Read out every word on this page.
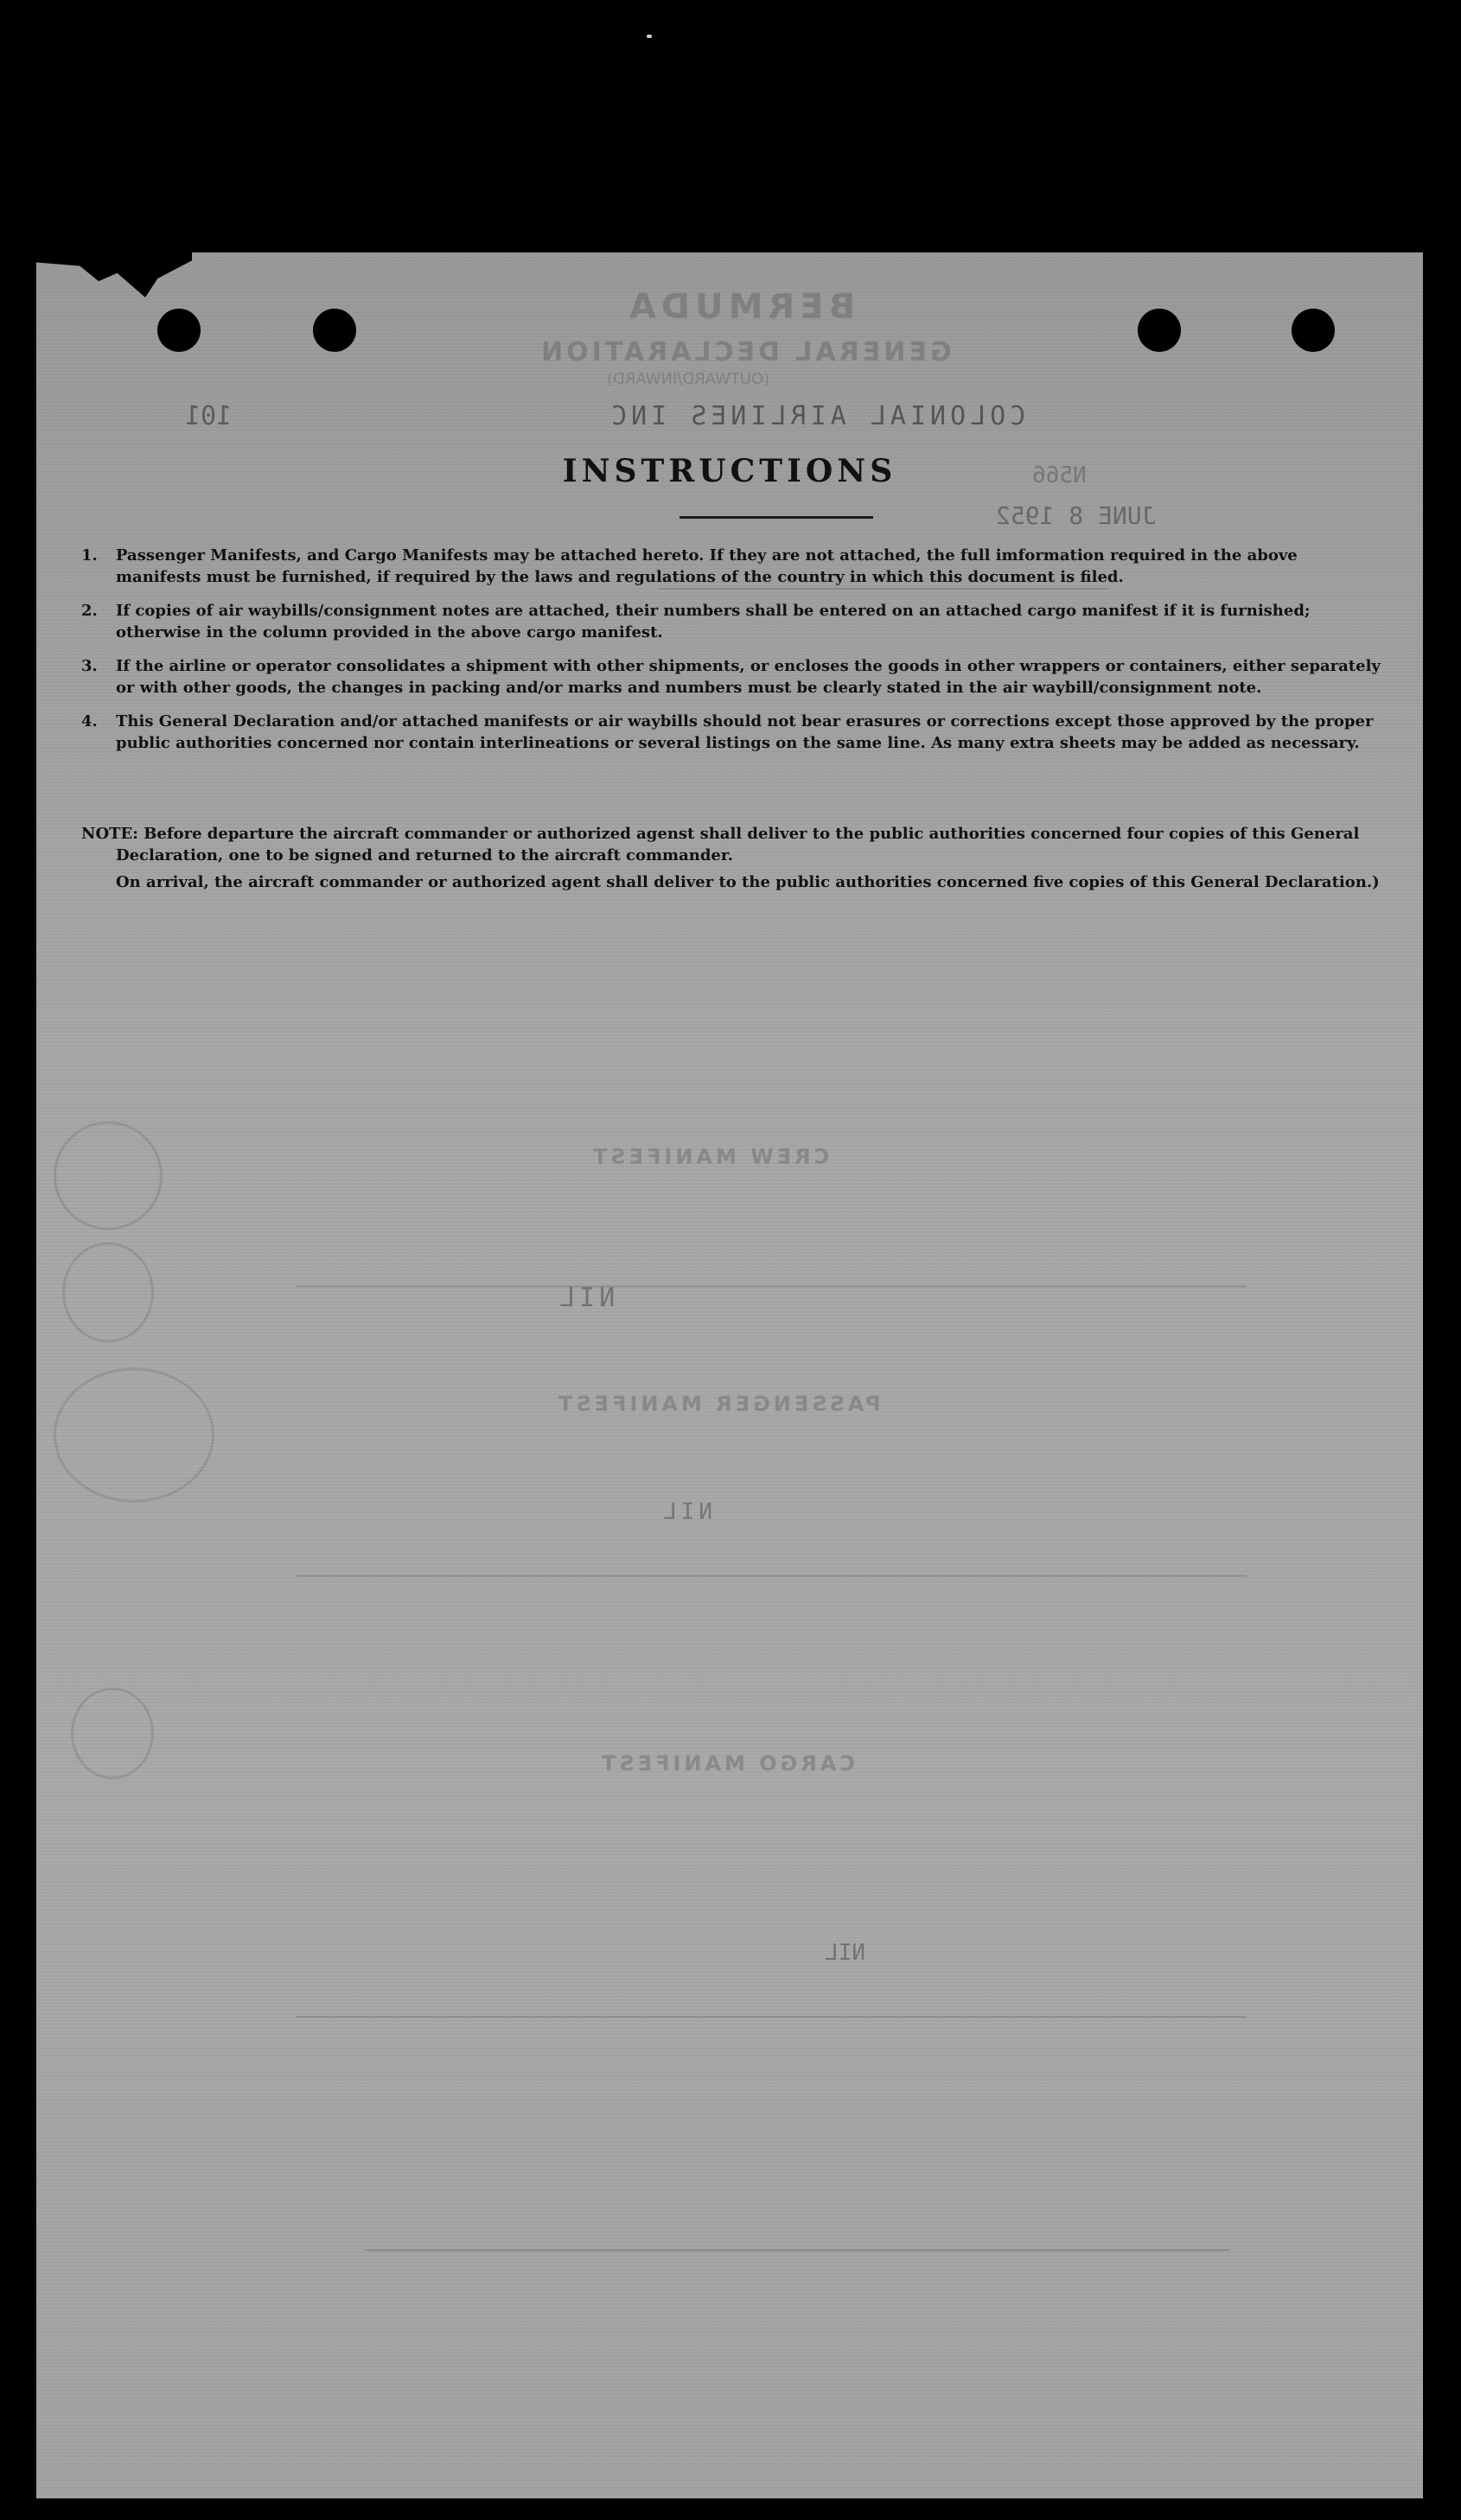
BERMUDA
GENERAL DECLARATION
(OUTWARD/INWARD)
COLONIAL AIRLINES INC
101
N566
JUNE 8 1952
CREW MANIFEST
NIL
PASSENGER MANIFEST
NIL
CARGO MANIFEST
NIL
INSTRUCTIONS
1. Passenger Manifests, and Cargo Manifests may be attached hereto. If they are not attached, the full imformation required in the above manifests must be furnished, if required by the laws and regulations of the country in which this document is filed.
2. If copies of air waybills/consignment notes are attached, their numbers shall be entered on an attached cargo manifest if it is furnished; otherwise in the column provided in the above cargo manifest.
3. If the airline or operator consolidates a shipment with other shipments, or encloses the goods in other wrappers or containers, either separately or with other goods, the changes in packing and/or marks and numbers must be clearly stated in the air waybill/consignment note.
4. This General Declaration and/or attached manifests or air waybills should not bear erasures or corrections except those approved by the proper public authorities concerned nor contain interlineations or several listings on the same line. As many extra sheets may be added as necessary.

NOTE: Before departure the aircraft commander or authorized agenst shall deliver to the public authorities concerned four copies of this General Declaration, one to be signed and returned to the aircraft commander.

On arrival, the aircraft commander or authorized agent shall deliver to the public authorities concerned five copies of this General Declaration.)
